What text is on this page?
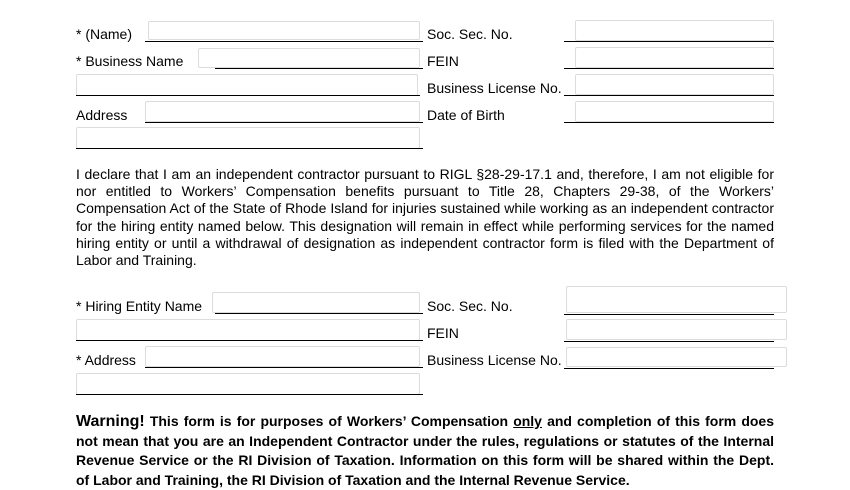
* (Name)
* Business Name
Address
Soc. Sec. No.
FEIN
Business License No.
Date of Birth
I declare that I am an independent contractor pursuant to RIGL §28-29-17.1 and, therefore, I am not eligible for nor entitled to Workers’ Compensation benefits pursuant to Title 28, Chapters 29-38, of the Workers’ Compensation Act of the State of Rhode Island for injuries sustained while working as an independent contractor for the hiring entity named below. This designation will remain in effect while performing services for the named hiring entity or until a withdrawal of designation as independent contractor form is filed with the Department of Labor and Training.
* Hiring Entity Name
* Address
Soc. Sec. No.
FEIN
Business License No.
Warning! This form is for purposes of Workers’ Compensation only and completion of this form does not mean that you are an Independent Contractor under the rules, regulations or statutes of the Internal Revenue Service or the RI Division of Taxation. Information on this form will be shared within the Dept. of Labor and Training, the RI Division of Taxation and the Internal Revenue Service.
